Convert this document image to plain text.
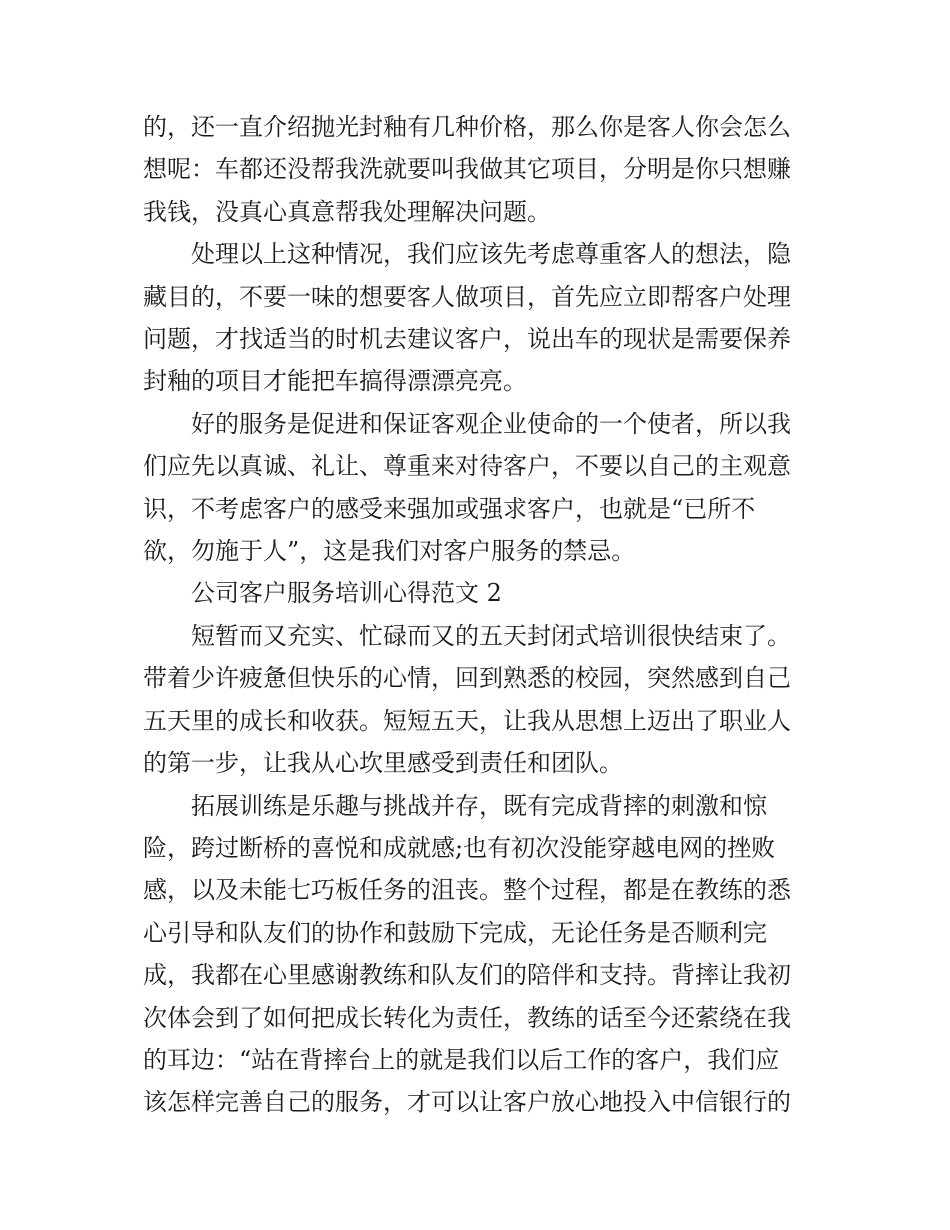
的，还一直介绍抛光封釉有几种价格，那么你是客人你会怎么
想呢：车都还没帮我洗就要叫我做其它项目，分明是你只想赚
我钱，没真心真意帮我处理解决问题。

处理以上这种情况，我们应该先考虑尊重客人的想法，隐
藏目的，不要一味的想要客人做项目，首先应立即帮客户处理
问题，才找适当的时机去建议客户，说出车的现状是需要保养
封釉的项目才能把车搞得漂漂亮亮。

好的服务是促进和保证客观企业使命的一个使者，所以我
们应先以真诚、礼让、尊重来对待客户，不要以自己的主观意
识，不考虑客户的感受来强加或强求客户，也就是“已所不
欲，勿施于人”，这是我们对客户服务的禁忌。

公司客户服务培训心得范文 2

短暂而又充实、忙碌而又的五天封闭式培训很快结束了。
带着少许疲惫但快乐的心情，回到熟悉的校园，突然感到自己
五天里的成长和收获。短短五天，让我从思想上迈出了职业人
的第一步，让我从心坎里感受到责任和团队。

拓展训练是乐趣与挑战并存，既有完成背摔的刺激和惊
险，跨过断桥的喜悦和成就感;也有初次没能穿越电网的挫败
感，以及未能七巧板任务的沮丧。整个过程，都是在教练的悉
心引导和队友们的协作和鼓励下完成，无论任务是否顺利完
成，我都在心里感谢教练和队友们的陪伴和支持。背摔让我初
次体会到了如何把成长转化为责任，教练的话至今还萦绕在我
的耳边：“站在背摔台上的就是我们以后工作的客户，我们应
该怎样完善自己的服务，才可以让客户放心地投入中信银行的
